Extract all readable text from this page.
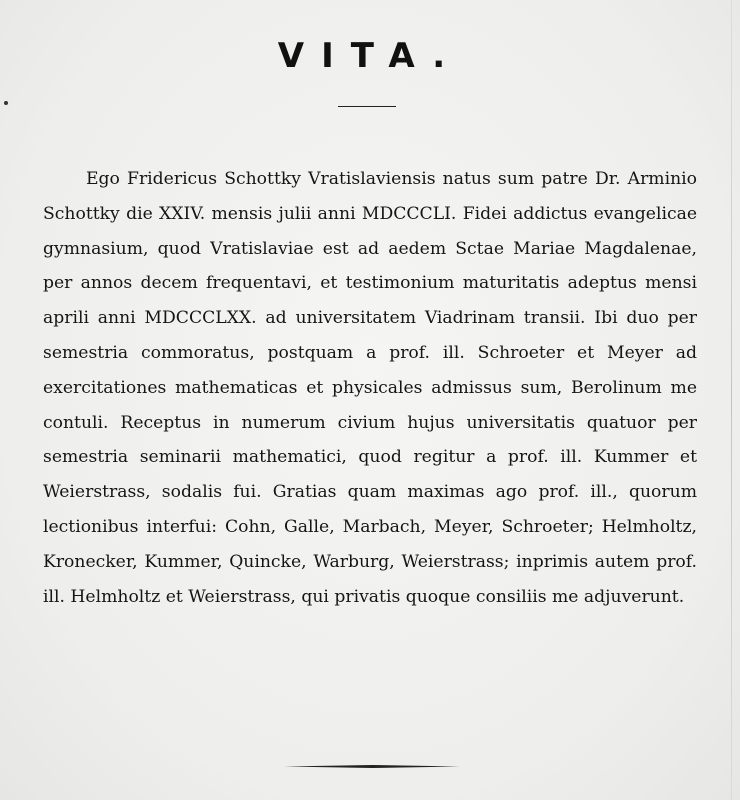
VITA.
Ego Fridericus Schottky Vratislaviensis natus sum patre Dr. Arminio Schottky die XXIV. mensis julii anni MDCCCLI. Fidei addictus evangelicae gymnasium, quod Vratislaviae est ad aedem Sctae Mariae Magdalenae, per annos decem frequentavi, et testimonium maturitatis adeptus mensi aprili anni MDCCCLXX. ad universitatem Viadrinam transii. Ibi duo per semestria commoratus, postquam a prof. ill. Schroeter et Meyer ad exercitationes mathematicas et physicales admissus sum, Berolinum me contuli. Receptus in numerum civium hujus universitatis quatuor per semestria seminarii mathematici, quod regitur a prof. ill. Kummer et Weierstrass, sodalis fui. Gratias quam maximas ago prof. ill., quorum lectionibus interfui: Cohn, Galle, Marbach, Meyer, Schroeter; Helmholtz, Kronecker, Kummer, Quincke, Warburg, Weierstrass; inprimis autem prof. ill. Helmholtz et Weierstrass, qui privatis quoque consiliis me adjuverunt.
